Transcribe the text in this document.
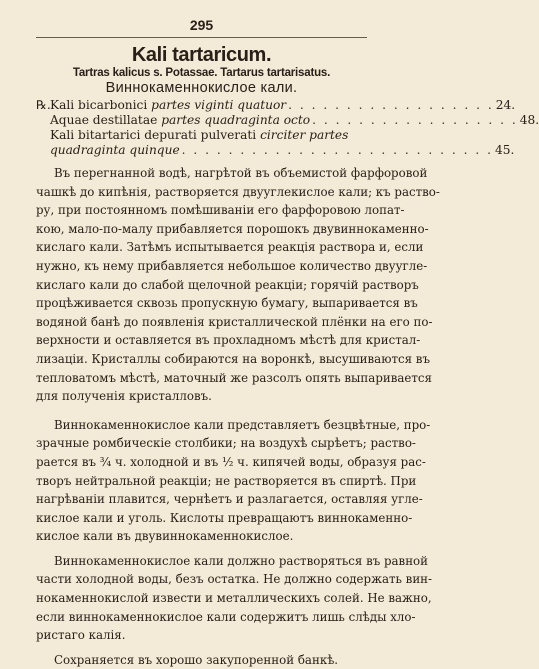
295
Kali tartaricum.
Tartras kalicus s. Potassae. Tartarus tartarisatus.
Виннокаменнокислое кали.
℞. Kali bicarbonici partes viginti quatuor . . . . . . . . . . . . . . . . . . 24.
Aquae destillatae partes quadraginta octo . . . . . . . . . . . . . . . . . . 48.
Kali bitartarici depurati pulverati circiter partes
quadraginta quinque . . . . . . . . . . . . . . . . . . . . . . . . . . . 45.
Въ перегнанной водѣ, нагрѣтой въ объемистой фарфоровой
чашкѣ до кипѣнія, растворяется двууглекислое кали; къ раство-
ру, при постоянномъ помѣшиваніи его фарфоровою лопат-
кою, мало-по-малу прибавляется порошокъ двувиннокаменно-
кислаго кали. Затѣмъ испытывается реакція раствора и, если
нужно, къ нему прибавляется небольшое количество двуугле-
кислаго кали до слабой щелочной реакціи; горячій растворъ
процѣживается сквозь пропускную бумагу, выпаривается въ
водяной банѣ до появленія кристаллической плёнки на его по-
верхности и оставляется въ прохладномъ мѣстѣ для кристал-
лизаціи. Кристаллы собираются на воронкѣ, высушиваются въ
тепловатомъ мѣстѣ, маточный же разсолъ опять выпаривается
для полученія кристалловъ.
Виннокаменнокислое кали представляетъ безцвѣтные, про-
зрачные ромбическіе столбики; на воздухѣ сырѣетъ; раство-
рается въ ¾ ч. холодной и въ ½ ч. кипячей воды, образуя рас-
творъ нейтральной реакціи; не растворяется въ спиртѣ. При
нагрѣваніи плавится, чернѣетъ и разлагается, оставляя угле-
кислое кали и уголь. Кислоты превращаютъ виннокаменно-
кислое кали въ двувиннокаменнокислое.
Виннокаменнокислое кали должно растворяться въ равной
части холодной воды, безъ остатка. Не должно содержать вин-
нокаменнокислой извести и металлическихъ солей. Не важно,
если виннокаменнокислое кали содержитъ лишь слѣды хло-
ристаго калія.
Сохраняется въ хорошо закупоренной банкѣ.
